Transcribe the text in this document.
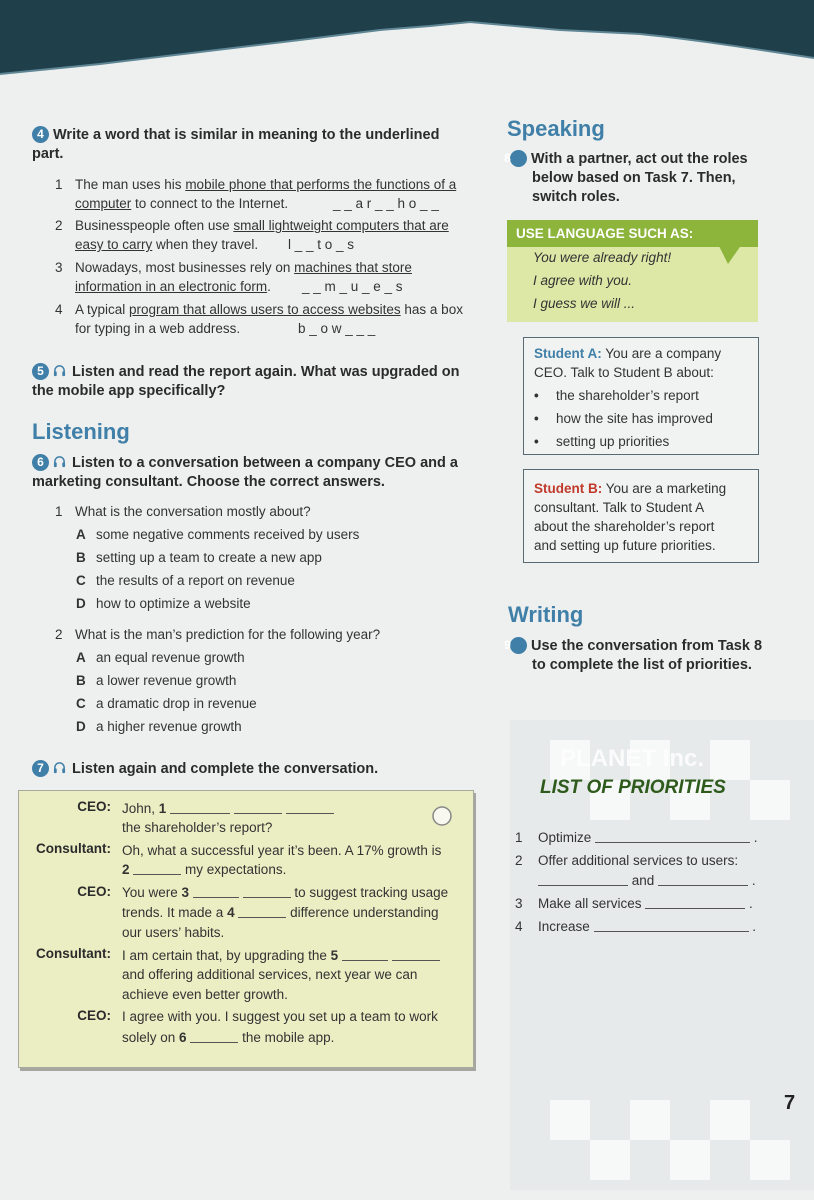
4 Write a word that is similar in meaning to the underlined part.
1 The man uses his mobile phone that performs the functions of a computer to connect to the Internet.	_ _ a r _ _ h o _ _
2 Businesspeople often use small lightweight computers that are easy to carry when they travel.	l _ _ t o _ s
3 Nowadays, most businesses rely on machines that store information in an electronic form.	_ _ m _ u _ e _ s
4 A typical program that allows users to access websites has a box for typing in a web address.	b _ o w _ _ _
5 Listen and read the report again. What was upgraded on the mobile app specifically?
Listening
6 Listen to a conversation between a company CEO and a marketing consultant. Choose the correct answers.
1 What is the conversation mostly about?
A some negative comments received by users
B setting up a team to create a new app
C the results of a report on revenue
D how to optimize a website
2 What is the man’s prediction for the following year?
A an equal revenue growth
B a lower revenue growth
C a dramatic drop in revenue
D a higher revenue growth
7 Listen again and complete the conversation.
CEO: John, 1
the shareholder’s report?
Consultant: Oh, what a successful year it’s been. A 17% growth is
2	my expectations.
CEO: You were 3	to suggest tracking usage
trends. It made a 4	difference understanding
our users’ habits.
Consultant: I am certain that, by upgrading the 5
and offering additional services, next year we can
achieve even better growth.
CEO: I agree with you. I suggest you set up a team to work
solely on 6	the mobile app.
Speaking
8 With a partner, act out the roles below based on Task 7. Then, switch roles.
USE LANGUAGE SUCH AS:
You were already right!
I agree with you.
I guess we will ...

Student A: You are a company

CEO. Talk to Student B about:

• the shareholder’s report
• how the site has improved
• setting up priorities

Student B: You are a marketing

consultant. Talk to Student A

about the shareholder’s report

and setting up future priorities.

Writing
9 Use the conversation from Task 8 to complete the list of priorities.
PLANET Inc.
LIST OF PRIORITIES
1 Optimize	.
2 Offer additional services to users:
and	.
3 Make all services	.
4 Increase	.
7
